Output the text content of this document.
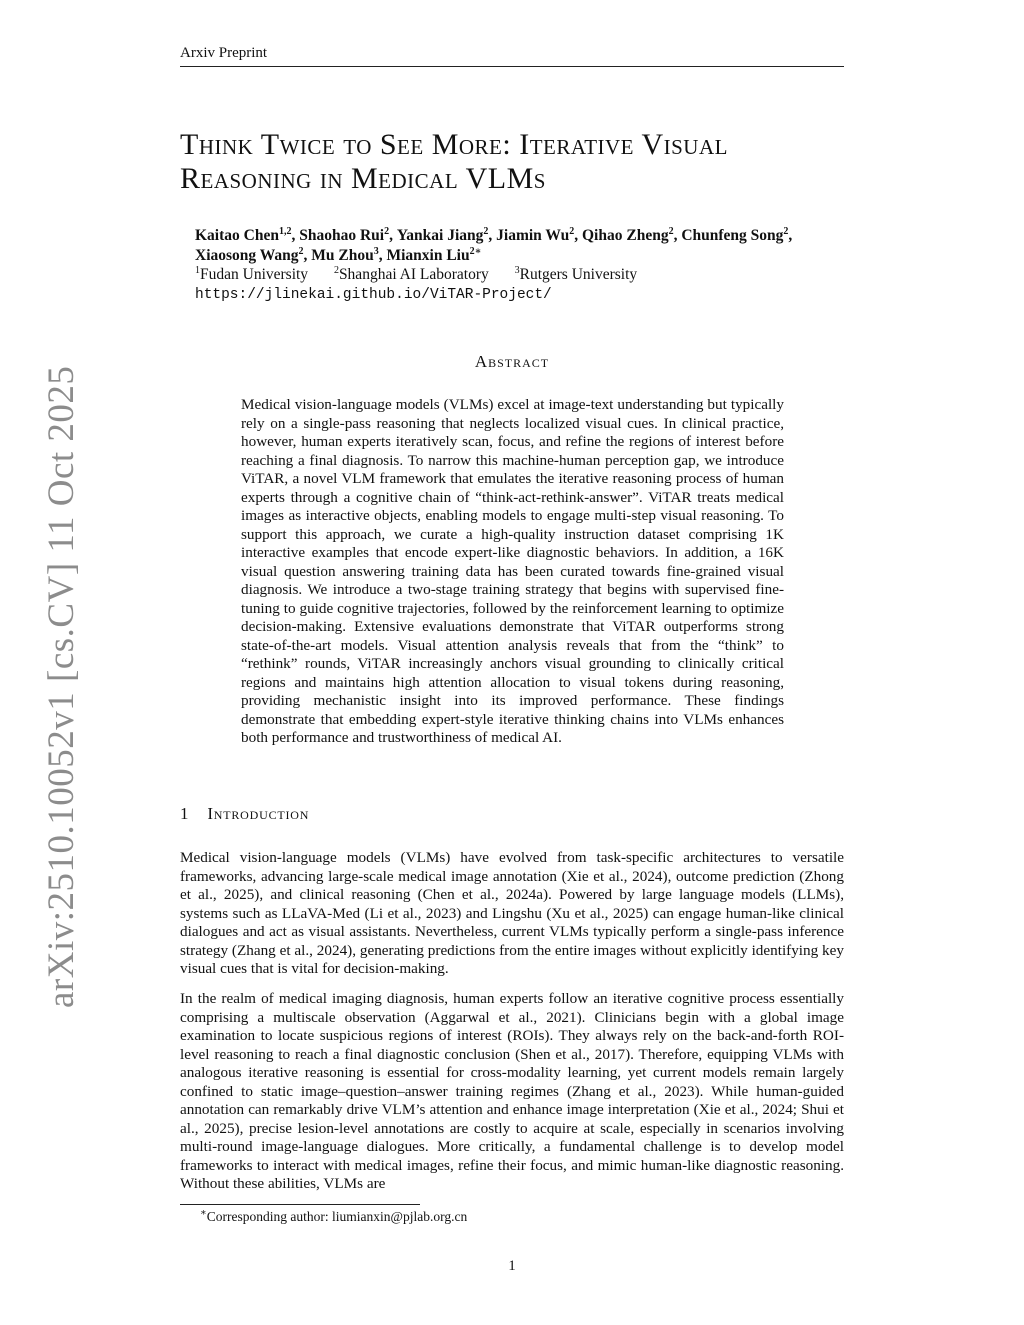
Arxiv Preprint
Think Twice to See More: Iterative Visual
Reasoning in Medical VLMs
Kaitao Chen$^{1,2}$, Shaohao Rui$^2$, Yankai Jiang$^2$, Jiamin Wu$^2$, Qihao Zheng$^2$, Chunfeng Song$^2$,
Xiaosong Wang$^2$, Mu Zhou$^3$, Mianxin Liu$^{2∗}$
$^1$Fudan University	$^2$Shanghai AI Laboratory	$^3$Rutgers University
https://jlinekai.github.io/ViTAR-Project/
Abstract
Medical vision-language models (VLMs) excel at image-text understanding but typically rely on a single-pass reasoning that neglects localized visual cues. In clinical practice, however, human experts iteratively scan, focus, and refine the regions of interest before reaching a final diagnosis. To narrow this machine-human perception gap, we introduce ViTAR, a novel VLM framework that emulates the iterative reasoning process of human experts through a cognitive chain of “think-act-rethink-answer”. ViTAR treats medical images as interactive objects, enabling models to engage multi-step visual reasoning. To support this approach, we curate a high-quality instruction dataset comprising 1K interactive examples that encode expert-like diagnostic behaviors. In addition, a 16K visual question answering training data has been curated towards fine-grained visual diagnosis. We introduce a two-stage training strategy that begins with supervised fine-tuning to guide cognitive trajectories, followed by the reinforcement learning to optimize decision-making. Extensive evaluations demonstrate that ViTAR outperforms strong state-of-the-art models. Visual attention analysis reveals that from the “think” to “rethink” rounds, ViTAR increasingly anchors visual grounding to clinically critical regions and maintains high attention allocation to visual tokens during reasoning, providing mechanistic insight into its improved performance. These findings demonstrate that embedding expert-style iterative thinking chains into VLMs enhances both performance and trustworthiness of medical AI.
1 Introduction
Medical vision-language models (VLMs) have evolved from task-specific architectures to versatile frameworks, advancing large-scale medical image annotation (Xie et al., 2024), outcome prediction (Zhong et al., 2025), and clinical reasoning (Chen et al., 2024a). Powered by large language models (LLMs), systems such as LLaVA-Med (Li et al., 2023) and Lingshu (Xu et al., 2025) can engage human-like clinical dialogues and act as visual assistants. Nevertheless, current VLMs typically perform a single-pass inference strategy (Zhang et al., 2024), generating predictions from the entire images without explicitly identifying key visual cues that is vital for decision-making.
In the realm of medical imaging diagnosis, human experts follow an iterative cognitive process essentially comprising a multiscale observation (Aggarwal et al., 2021). Clinicians begin with a global image examination to locate suspicious regions of interest (ROIs). They always rely on the back-and-forth ROI-level reasoning to reach a final diagnostic conclusion (Shen et al., 2017). Therefore, equipping VLMs with analogous iterative reasoning is essential for cross-modality learning, yet current models remain largely confined to static image–question–answer training regimes (Zhang et al., 2023). While human-guided annotation can remarkably drive VLM’s attention and enhance image interpretation (Xie et al., 2024; Shui et al., 2025), precise lesion-level annotations are costly to acquire at scale, especially in scenarios involving multi-round image-language dialogues. More critically, a fundamental challenge is to develop model frameworks to interact with medical images, refine their focus, and mimic human-like diagnostic reasoning. Without these abilities, VLMs are
∗Corresponding author: liumianxin@pjlab.org.cn
1
arXiv:2510.10052v1 [cs.CV] 11 Oct 2025
